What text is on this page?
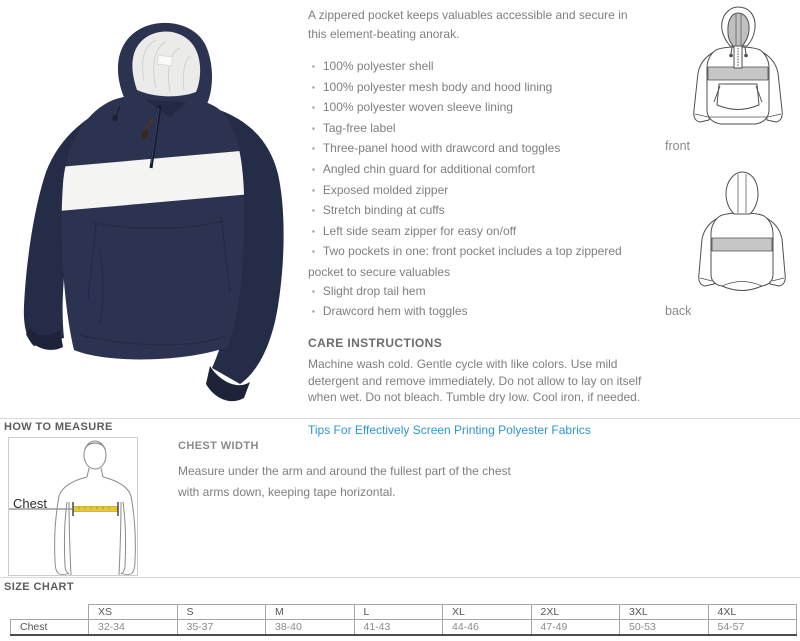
A zippered pocket keeps valuables accessible and secure in this element-beating anorak.

▪ 100% polyester shell
▪ 100% polyester mesh body and hood lining
▪ 100% polyester woven sleeve lining
▪ Tag-free label
▪ Three-panel hood with drawcord and toggles
▪ Angled chin guard for additional comfort
▪ Exposed molded zipper
▪ Stretch binding at cuffs
▪ Left side seam zipper for easy on/off
▪ Two pockets in one: front pocket includes a top zippered pocket to secure valuables
▪ Slight drop tail hem
▪ Drawcord hem with toggles
CARE INSTRUCTIONS

Machine wash cold. Gentle cycle with like colors. Use mild detergent and remove immediately. Do not allow to lay on itself when wet. Do not bleach. Tumble dry low. Cool iron, if needed.

Tips For Effectively Screen Printing Polyester Fabrics
front
back
HOW TO MEASURE
Chest
CHEST WIDTH

Measure under the arm and around the fullest part of the chest with arms down, keeping tape horizontal.

SIZE CHART
	XS	S	M	L	XL	2XL	3XL	4XL
Chest	32-34	35-37	38-40	41-43	44-46	47-49	50-53	54-57
